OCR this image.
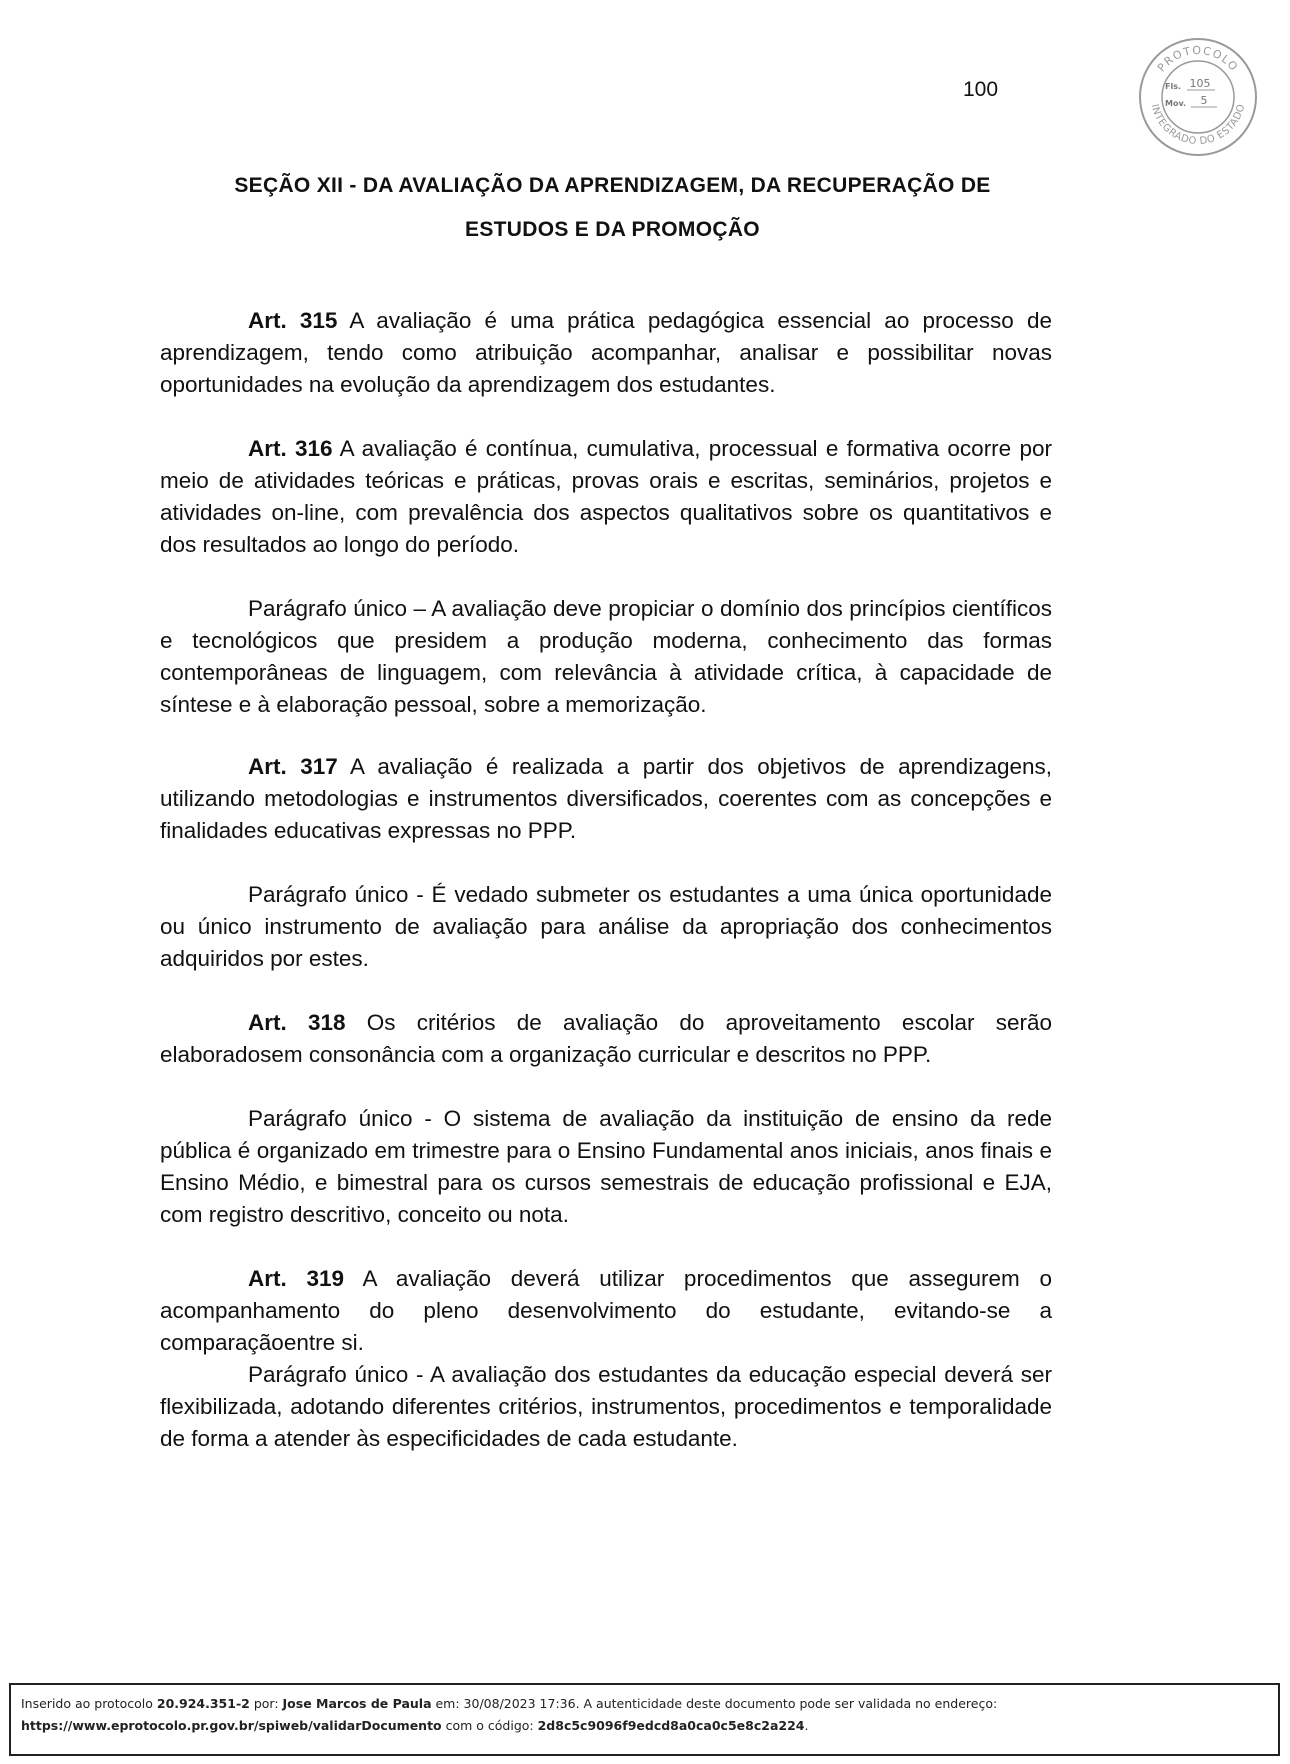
100
PROTOCOLO
INTEGRADO DO ESTADO
Fls. 105
Mov. 5
SEÇÃO XII - DA AVALIAÇÃO DA APRENDIZAGEM, DA RECUPERAÇÃO DE
ESTUDOS E DA PROMOÇÃO

Art. 315 A avaliação é uma prática pedagógica essencial ao processo de aprendizagem, tendo como atribuição acompanhar, analisar e possibilitar novas oportunidades na evolução da aprendizagem dos estudantes.

Art. 316 A avaliação é contínua, cumulativa, processual e formativa ocorre por meio de atividades teóricas e práticas, provas orais e escritas, seminários, projetos e atividades on-line, com prevalência dos aspectos qualitativos sobre os quantitativos e dos resultados ao longo do período.

Parágrafo único – A avaliação deve propiciar o domínio dos princípios científicos e tecnológicos que presidem a produção moderna, conhecimento das formas contemporâneas de linguagem, com relevância à atividade crítica, à capacidade de síntese e à elaboração pessoal, sobre a memorização.

Art. 317 A avaliação é realizada a partir dos objetivos de aprendizagens, utilizando metodologias e instrumentos diversificados, coerentes com as concepções e finalidades educativas expressas no PPP.

Parágrafo único - É vedado submeter os estudantes a uma única oportunidade ou único instrumento de avaliação para análise da apropriação dos conhecimentos adquiridos por estes.

Art. 318 Os critérios de avaliação do aproveitamento escolar serão elaboradosem consonância com a organização curricular e descritos no PPP.

Parágrafo único - O sistema de avaliação da instituição de ensino da rede pública é organizado em trimestre para o Ensino Fundamental anos iniciais, anos finais e Ensino Médio, e bimestral para os cursos semestrais de educação profissional e EJA, com registro descritivo, conceito ou nota.

Art. 319 A avaliação deverá utilizar procedimentos que assegurem o acompanhamento do pleno desenvolvimento do estudante, evitando-se a comparaçãoentre si.

Parágrafo único - A avaliação dos estudantes da educação especial deverá ser flexibilizada, adotando diferentes critérios, instrumentos, procedimentos e temporalidade de forma a atender às especificidades de cada estudante.

Inserido ao protocolo 20.924.351-2 por: Jose Marcos de Paula em: 30/08/2023 17:36. A autenticidade deste documento pode ser validada no endereço:
https://www.eprotocolo.pr.gov.br/spiweb/validarDocumento com o código: 2d8c5c9096f9edcd8a0ca0c5e8c2a224.
